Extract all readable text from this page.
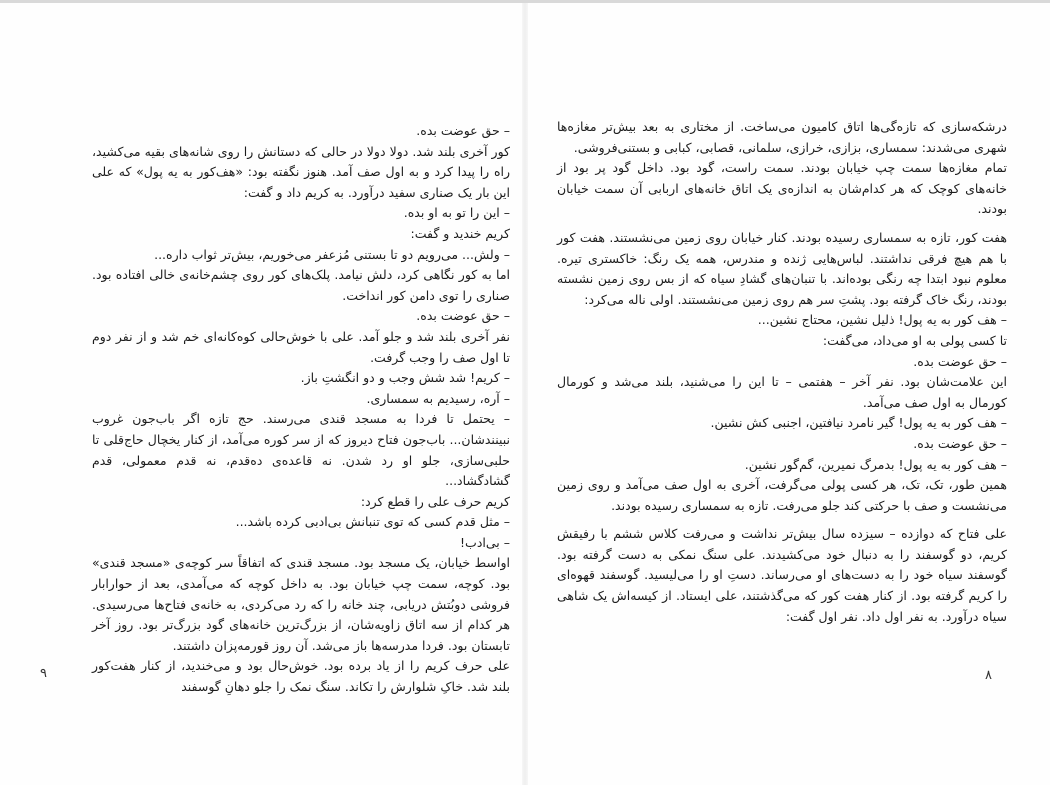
– حق عوضت بده.

کور آخری بلند شد. دولا دولا در حالی که دستانش را روی شانه‌های بقیه می‌کشید، راه را پیدا کرد و به اول صف آمد. هنوز نگفته بود: «هف‌کور به یه پول» که علی این بار یک صناری سفید درآورد. به کریم داد و گفت:

– این را تو به او بده.

کریم خندید و گفت:

– ولش... می‌رویم دو تا بستنی مُزعفر می‌خوریم، بیش‌تر ثواب داره...

اما به کور نگاهی کرد، دلش نیامد. پلک‌های کور روی چشم‌خانه‌ی خالی افتاده بود. صناری را توی دامن کور انداخت.

– حق عوضت بده.

نفر آخری بلند شد و جلو آمد. علی با خوش‌حالی کوه‌کانه‌ای خم شد و از نفر دوم تا اول صف را وجب گرفت.

– کریم! شد شش وجب و دو انگشتِ باز.

– آره، رسیدیم به سمساری.

– یحتمل تا فردا به مسجد قندی می‌رسند. حج تازه اگر باب‌جون غروب نبینندشان... باب‌جون فتاح دیروز که از سر کوره می‌آمد، از کنار یخچال حاج‌قلی تا حلبی‌سازی، جلو او رد شدن. نه قاعده‌ی ده‌قدم، نه قدم معمولی، قدم گشادگشاد...

کریم حرف علی را قطع کرد:

– مثل قدم کسی که توی تنبانش بی‌ادبی کرده باشد...

– بی‌ادب!

اواسط خیابان، یک مسجد بود. مسجد قندی که اتفاقاً سر کوچه‌ی «مسجد قندی» بود. کوچه، سمت چپ خیابان بود. به داخل کوچه که می‌آمدی، بعد از حوارابار فروشی دوبُتش دریابی، چند خانه را که رد می‌کردی، به خانه‌ی فتاح‌ها می‌رسیدی. هر کدام از سه اتاق زاویه‌شان، از بزرگ‌ترین خانه‌های گود بزرگ‌تر بود. روز آخر تابستان بود. فردا مدرسه‌ها باز می‌شد. آن روز قورمه‌پزان داشتند.

علی حرف کریم را از یاد برده بود. خوش‌حال بود و می‌خندید، از کنار هفت‌کور بلند شد. خاکِ شلوارش را تکاند. سنگ نمک را جلو دهانِ گوسفند

۹

درشکه‌سازی که تازه‌گی‌ها اتاق کامیون می‌ساخت. از مختاری به بعد بیش‌تر مغازه‌ها شهری می‌شدند: سمساری، بزازی، خرازی، سلمانی، قصابی، کبابی و بستنی‌فروشی.

تمام مغازه‌ها سمت چپ خیابان بودند. سمت راست، گود بود. داخل گود پر بود از خانه‌های کوچک که هر کدام‌شان به اندازه‌ی یک اتاق خانه‌های اربابی آن سمت خیابان بودند.

هفت کور، تازه به سمساری رسیده بودند. کنار خیابان روی زمین می‌نشستند. هفت کور با هم هیچ فرقی نداشتند. لباس‌هایی ژنده و مندرس، همه یک رنگ: خاکستری تیره. معلوم نبود ابتدا چه رنگی بوده‌اند. با تنبان‌های گشادِ سیاه که از بس روی زمین نشسته بودند، رنگ خاک گرفته بود. پشتِ سر هم روی زمین می‌نشستند. اولی ناله می‌کرد:

– هف کور به یه پول! ذلیل نشین، محتاج نشین...

تا کسی پولی به او می‌داد، می‌گفت:

– حق عوضت بده.

این علامت‌شان بود. نفر آخر – هفتمی – تا این را می‌شنید، بلند می‌شد و کورمال کورمال به اول صف می‌آمد.

– هف کور به یه پول! گیر نامرد نیافتین، اجنبی کش نشین.

– حق عوضت بده.

– هف کور به یه پول! بدمرگ نمیرین، گم‌گور نشین.

همین طور، تک، تک، هر کسی پولی می‌گرفت، آخری به اول صف می‌آمد و روی زمین می‌نشست و صف با حرکتی کند جلو می‌رفت. تازه به سمساری رسیده بودند.

علی فتاح که دوازده – سیزده سال بیش‌تر نداشت و می‌رفت کلاس ششم با رفیقش کریم، دو گوسفند را به دنبال خود می‌کشیدند. علی سنگ نمکی به دست گرفته بود. گوسفند سیاه خود را به دست‌های او می‌رساند. دستِ او را می‌لیسید. گوسفند قهوه‌ای را کریم گرفته بود. از کنار هفت کور که می‌گذشتند، علی ایستاد. از کیسه‌اش یک شاهی سیاه درآورد. به نفر اول داد. نفر اول گفت:

۸
